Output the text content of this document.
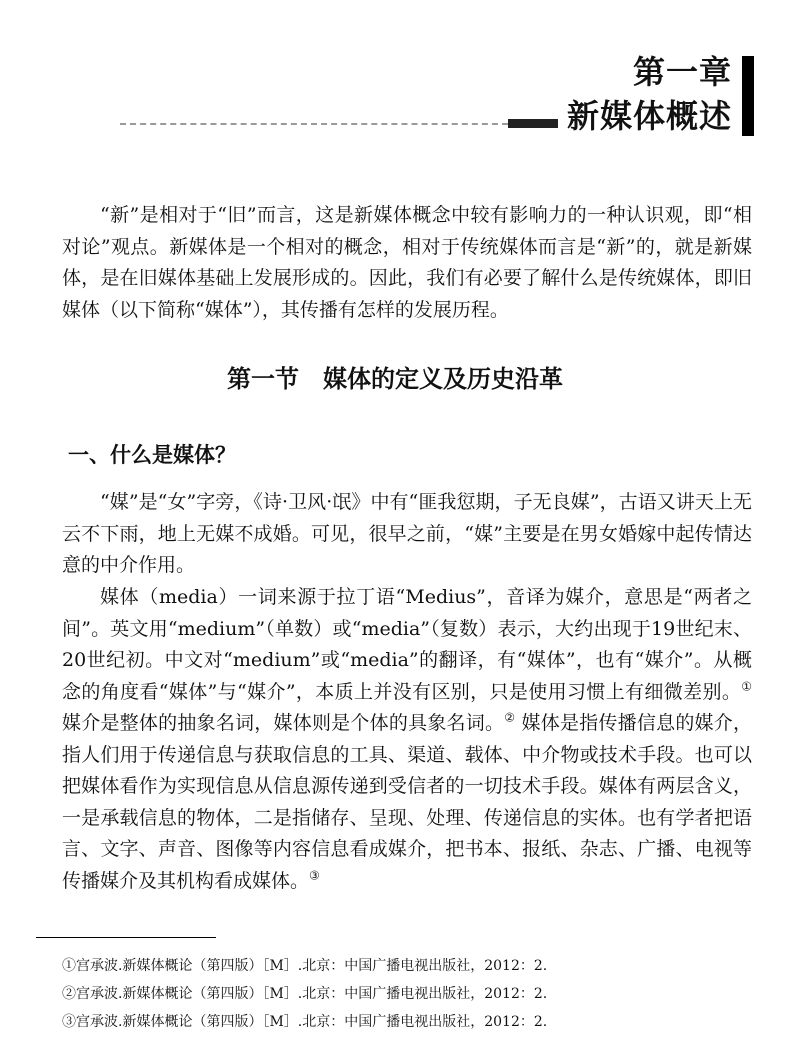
第一章
新媒体概述

“新”是相对于“旧”而言，这是新媒体概念中较有影响力的一种认识观，即“相对论”观点。新媒体是一个相对的概念，相对于传统媒体而言是“新”的，就是新媒体，是在旧媒体基础上发展形成的。因此，我们有必要了解什么是传统媒体，即旧媒体（以下简称“媒体”），其传播有怎样的发展历程。

第一节　媒体的定义及历史沿革
一、什么是媒体？

“媒”是“女”字旁，《诗·卫风·氓》中有“匪我愆期，子无良媒”，古语又讲天上无云不下雨，地上无媒不成婚。可见，很早之前，“媒”主要是在男女婚嫁中起传情达意的中介作用。

媒体（media）一词来源于拉丁语“Medius”，音译为媒介，意思是“两者之间”。英文用“medium”（单数）或“media”（复数）表示，大约出现于19世纪末、20世纪初。中文对“medium”或“media”的翻译，有“媒体”，也有“媒介”。从概念的角度看“媒体”与“媒介”，本质上并没有区别，只是使用习惯上有细微差别。① 媒介是整体的抽象名词，媒体则是个体的具象名词。② 媒体是指传播信息的媒介，指人们用于传递信息与获取信息的工具、渠道、载体、中介物或技术手段。也可以把媒体看作为实现信息从信息源传递到受信者的一切技术手段。媒体有两层含义，一是承载信息的物体，二是指储存、呈现、处理、传递信息的实体。也有学者把语言、文字、声音、图像等内容信息看成媒介，把书本、报纸、杂志、广播、电视等传播媒介及其机构看成媒体。③

①宫承波.新媒体概论（第四版）［M］.北京：中国广播电视出版社，2012：2.
②宫承波.新媒体概论（第四版）［M］.北京：中国广播电视出版社，2012：2.
③宫承波.新媒体概论（第四版）［M］.北京：中国广播电视出版社，2012：2.
